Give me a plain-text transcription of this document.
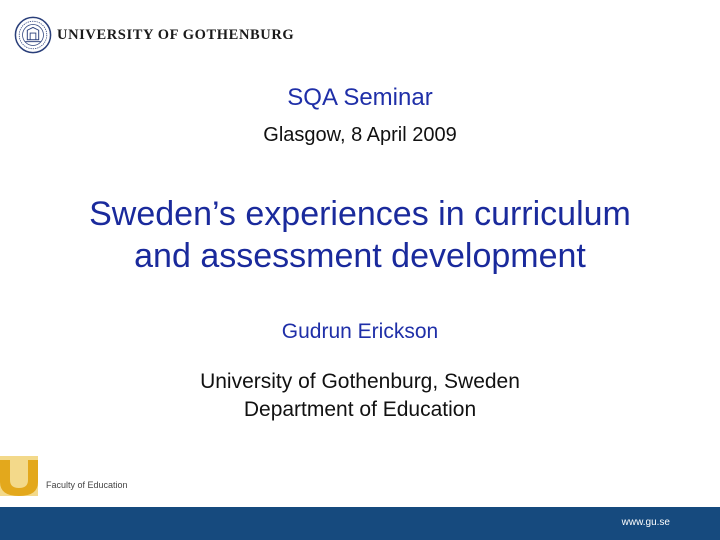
UNIVERSITY OF GOTHENBURG
SQA Seminar
Glasgow, 8 April 2009
Sweden’s experiences in curriculum
and assessment development
Gudrun Erickson
University of Gothenburg, Sweden
Department of Education
Faculty of Education
www.gu.se
